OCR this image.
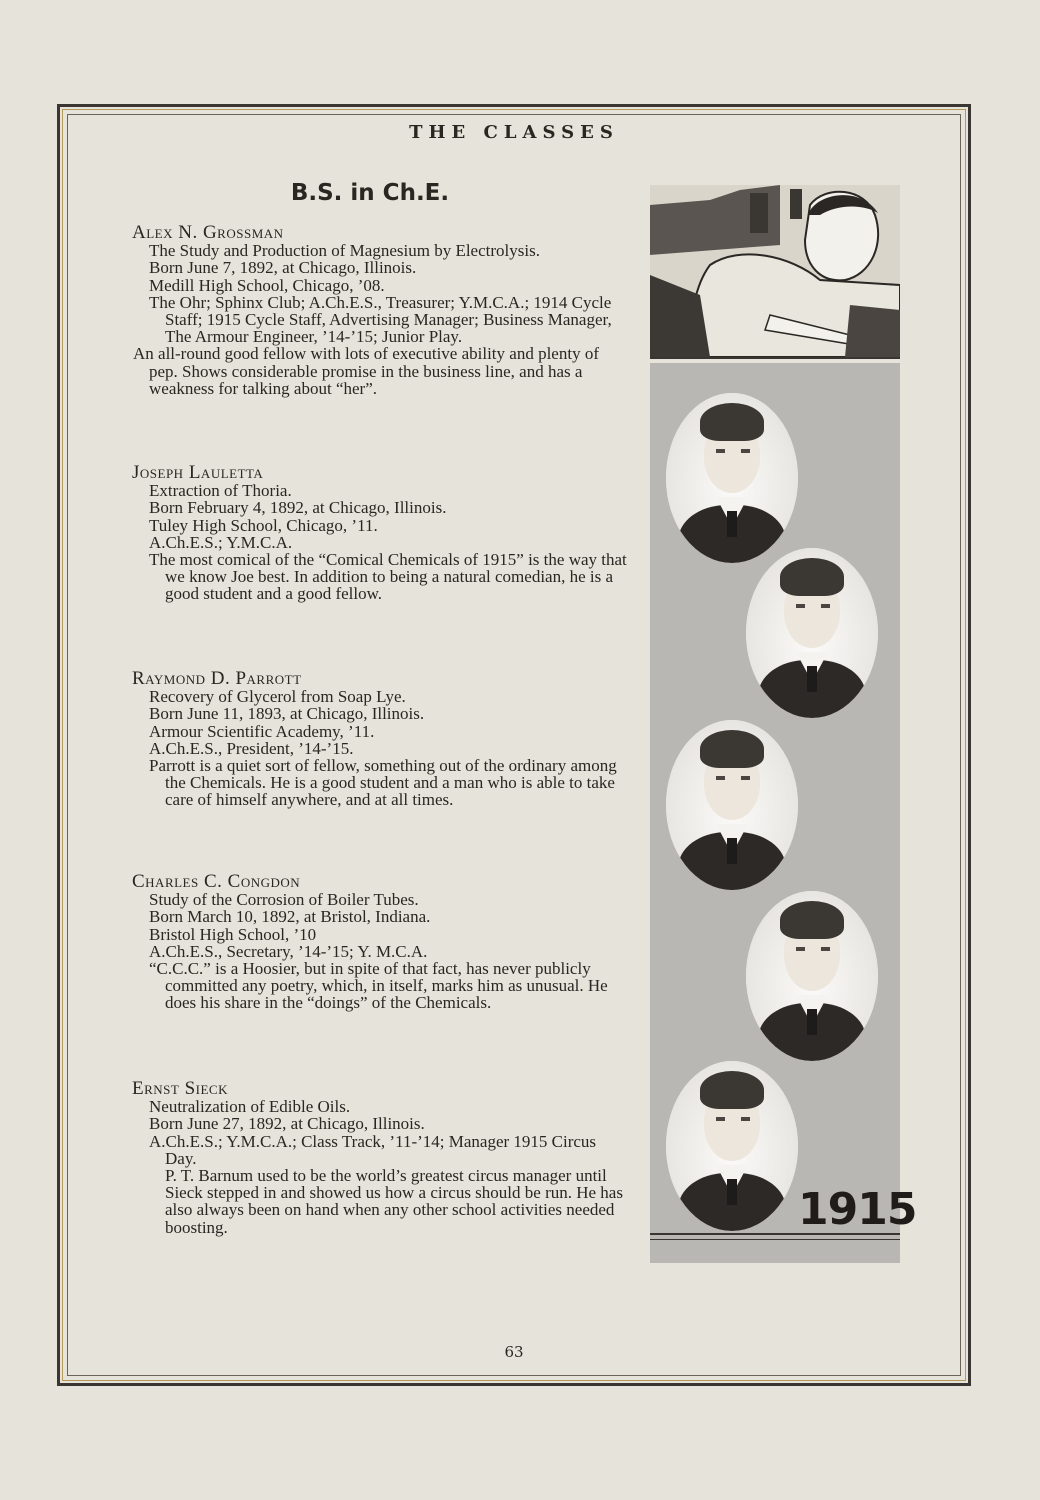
THE CLASSES
B.S. in Ch.E.
Alex N. Grossman
The Study and Production of Magnesium by Electrolysis.
Born June 7, 1892, at Chicago, Illinois.
Medill High School, Chicago, ’08.
The Ohr; Sphinx Club; A.Ch.E.S., Treasurer; Y.M.C.A.; 1914 Cycle Staff; 1915 Cycle Staff, Advertising Manager; Business Manager, The Armour Engineer, ’14-’15; Junior Play.
An all-round good fellow with lots of executive ability and plenty of pep. Shows considerable promise in the business line, and has a weakness for talking about “her”.
Joseph Lauletta
Extraction of Thoria.
Born February 4, 1892, at Chicago, Illinois.
Tuley High School, Chicago, ’11.
A.Ch.E.S.; Y.M.C.A.
The most comical of the “Comical Chemicals of 1915” is the way that we know Joe best. In addition to being a natural comedian, he is a good student and a good fellow.
Raymond D. Parrott
Recovery of Glycerol from Soap Lye.
Born June 11, 1893, at Chicago, Illinois.
Armour Scientific Academy, ’11.
A.Ch.E.S., President, ’14-’15.
Parrott is a quiet sort of fellow, something out of the ordinary among the Chemicals. He is a good student and a man who is able to take care of himself anywhere, and at all times.
Charles C. Congdon
Study of the Corrosion of Boiler Tubes.
Born March 10, 1892, at Bristol, Indiana.
Bristol High School, ’10
A.Ch.E.S., Secretary, ’14-’15; Y. M.C.A.
“C.C.C.” is a Hoosier, but in spite of that fact, has never publicly committed any poetry, which, in itself, marks him as unusual. He does his share in the “doings” of the Chemicals.
Ernst Sieck
Neutralization of Edible Oils.
Born June 27, 1892, at Chicago, Illinois.
A.Ch.E.S.; Y.M.C.A.; Class Track, ’11-’14; Manager 1915 Circus Day.
P. T. Barnum used to be the world’s greatest circus manager until Sieck stepped in and showed us how a circus should be run. He has also always been on hand when any other school activities needed boosting.	1915
63
